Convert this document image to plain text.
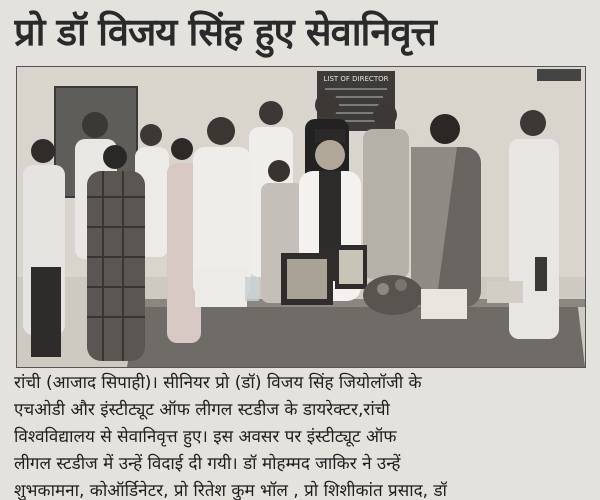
प्रो डॉ विजय सिंह हुए सेवानिवृत्त
LIST OF DIRECTOR

रांची (आजाद सिपाही)। सीनियर प्रो (डॉ) विजय सिंह जियोलॉजी के

एचओडी और इंस्टीट्यूट ऑफ लीगल स्टडीज के डायरेक्टर,रांची

विश्वविद्यालय से सेवानिवृत्त हुए। इस अवसर पर इंस्टीट्यूट ऑफ

लीगल स्टडीज में उन्हें विदाई दी गयी। डॉ मोहम्मद जाकिर ने उन्हें

शुभकामना, कोऑर्डिनेटर, प्रो रितेश कुम भॉल , प्रो शिशीकांत प्रसाद, डॉ
